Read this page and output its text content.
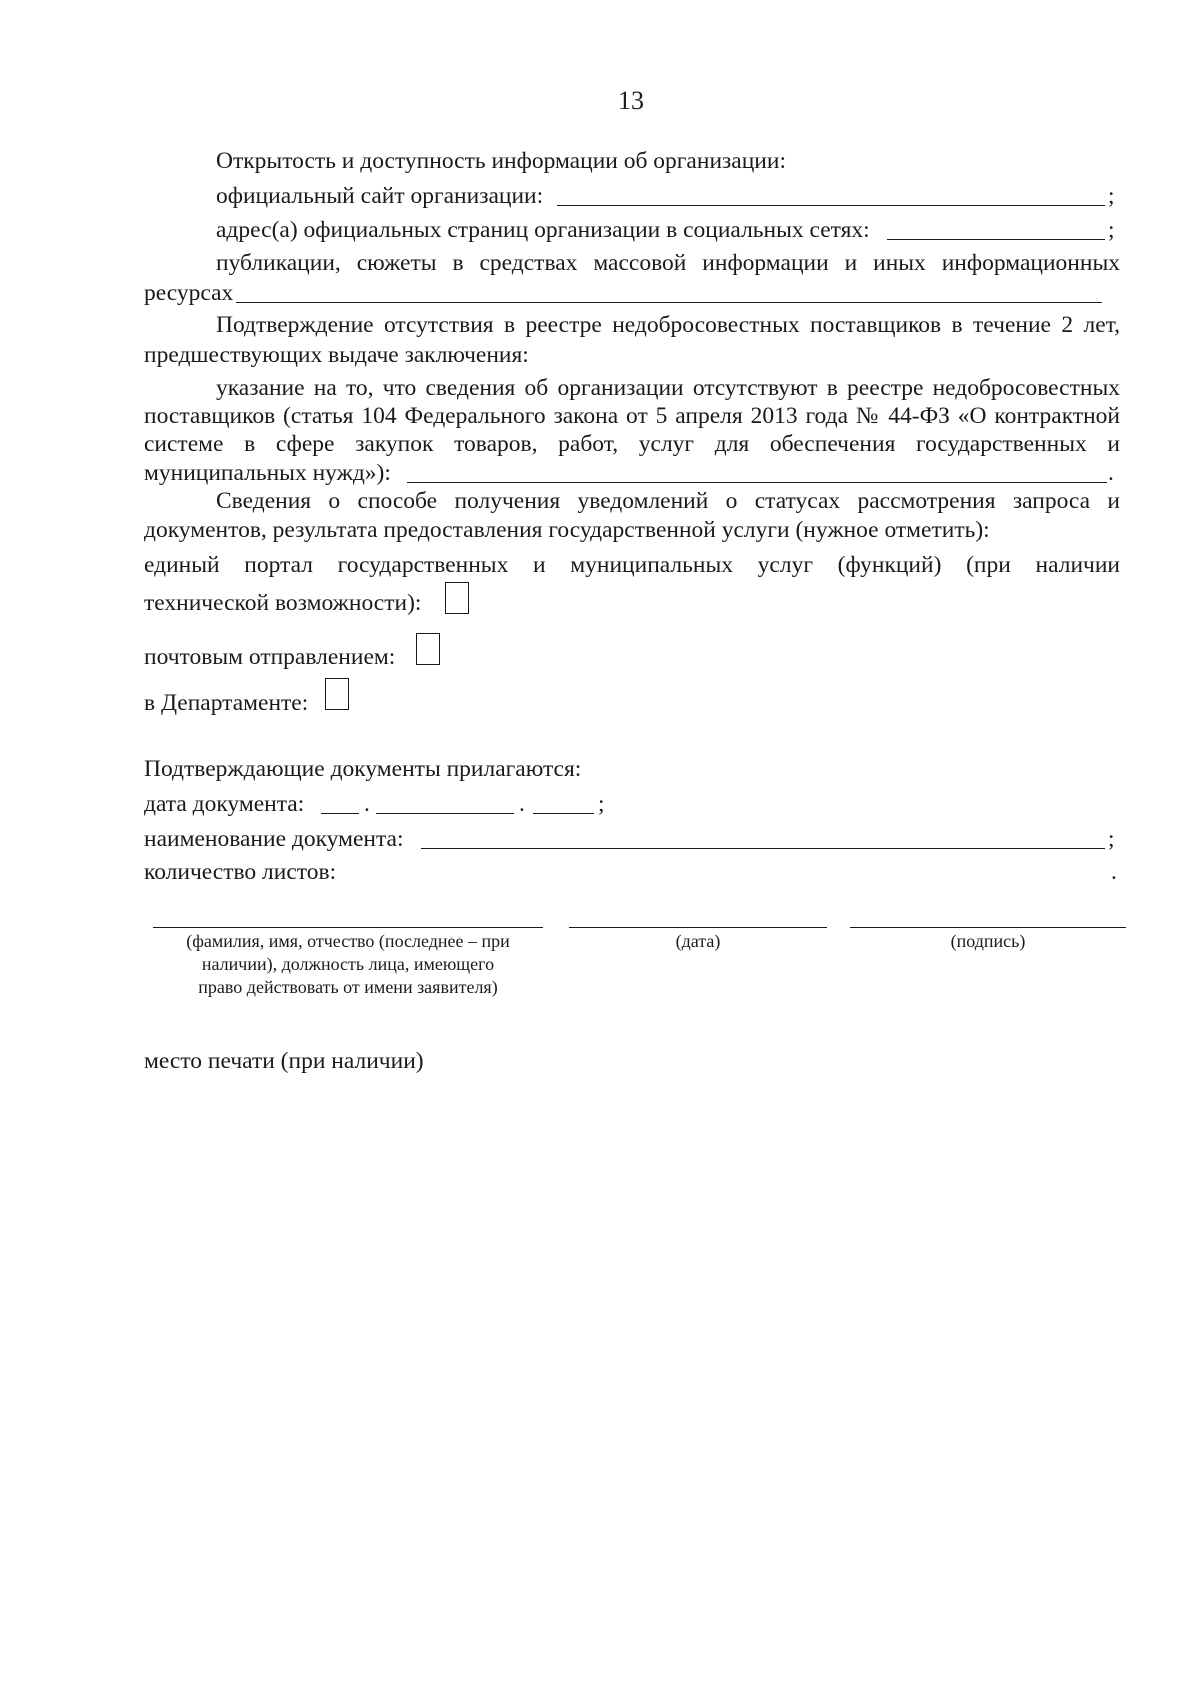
13
Открытость и доступность информации об организации:
официальный сайт организации:	;
адрес(а) официальных страниц организации в социальных сетях:	;
публикации, сюжеты в средствах массовой информации и иных информационных
ресурсах
Подтверждение отсутствия в реестре недобросовестных поставщиков в течение 2 лет,
предшествующих выдаче заключения:
указание на то, что сведения об организации отсутствуют в реестре недобросовестных
поставщиков (статья 104 Федерального закона от 5 апреля 2013 года № 44-ФЗ «О контрактной
системе в сфере закупок товаров, работ, услуг для обеспечения государственных и
муниципальных нужд»):	.
Сведения о способе получения уведомлений о статусах рассмотрения запроса и
документов, результата предоставления государственной услуги (нужное отметить):
единый портал государственных и муниципальных услуг (функций) (при наличии
технической возможности):
почтовым отправлением:
в Департаменте:
Подтверждающие документы прилагаются:
дата документа:	.	.	;
наименование документа:	;
количество листов:	.
(фамилия, имя, отчество (последнее – при
наличии), должность лица, имеющего
право действовать от имени заявителя)
(дата)	(подпись)
место печати (при наличии)
